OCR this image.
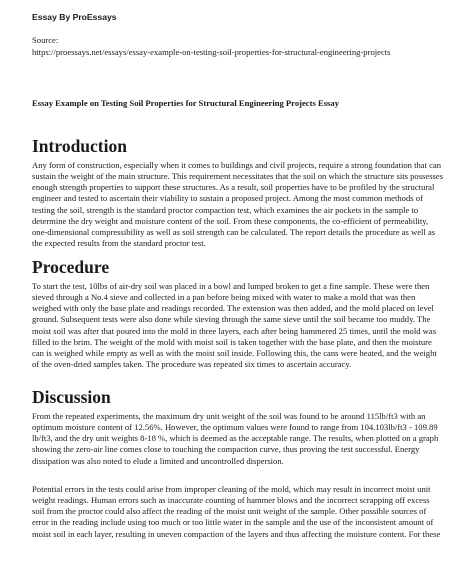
Essay By ProEssays
Source:
https://proessays.net/essays/essay-example-on-testing-soil-properties-for-structural-engineering-projects
Essay Example on Testing Soil Properties for Structural Engineering Projects Essay
Introduction

Any form of construction, especially when it comes to buildings and civil projects, require a strong foundation that can sustain the weight of the main structure. This requirement necessitates that the soil on which the structure sits possesses enough strength properties to support these structures. As a result, soil properties have to be profiled by the structural engineer and tested to ascertain their viability to sustain a proposed project. Among the most common methods of testing the soil, strength is the standard proctor compaction test, which examines the air pockets in the sample to determine the dry weight and moisture content of the soil. From these components, the co-efficient of permeability, one-dimensional compressibility as well as soil strength can be calculated. The report details the procedure as well as the expected results from the standard proctor test.

Procedure

To start the test, 10lbs of air-dry soil was placed in a bowl and lumped broken to get a fine sample. These were then sieved through a No.4 sieve and collected in a pan before being mixed with water to make a mold that was then weighed with only the base plate and readings recorded. The extension was then added, and the mold placed on level ground. Subsequent tests were also done while sieving through the same sieve until the soil became too muddy. The moist soil was after that poured into the mold in three layers, each after being hammered 25 times, until the mold was filled to the brim. The weight of the mold with moist soil is taken together with the base plate, and then the moisture can is weighed while empty as well as with the moist soil inside. Following this, the cans were heated, and the weight of the oven-dried samples taken. The procedure was repeated six times to ascertain accuracy.

Discussion

From the repeated experiments, the maximum dry unit weight of the soil was found to be around 115lb/ft3 with an optimum moisture content of 12.56%. However, the optimum values were found to range from 104.103lb/ft3 - 109.89 lb/ft3, and the dry unit weights 8-18 %, which is deemed as the acceptable range. The results, when plotted on a graph showing the zero-air line comes close to touching the compaction curve, thus proving the test successful. Energy dissipation was also noted to elude a limited and uncontrolled dispersion.

Potential errors in the tests could arise from improper cleaning of the mold, which may result in incorrect moist unit weight readings. Human errors such as inaccurate counting of hammer blows and the incorrect scrapping off excess soil from the proctor could also affect the reading of the moist unit weight of the sample. Other possible sources of error in the reading include using too much or too little water in the sample and the use of the inconsistent amount of moist soil in each layer, resulting in uneven compaction of the layers and thus affecting the moisture content. For these
